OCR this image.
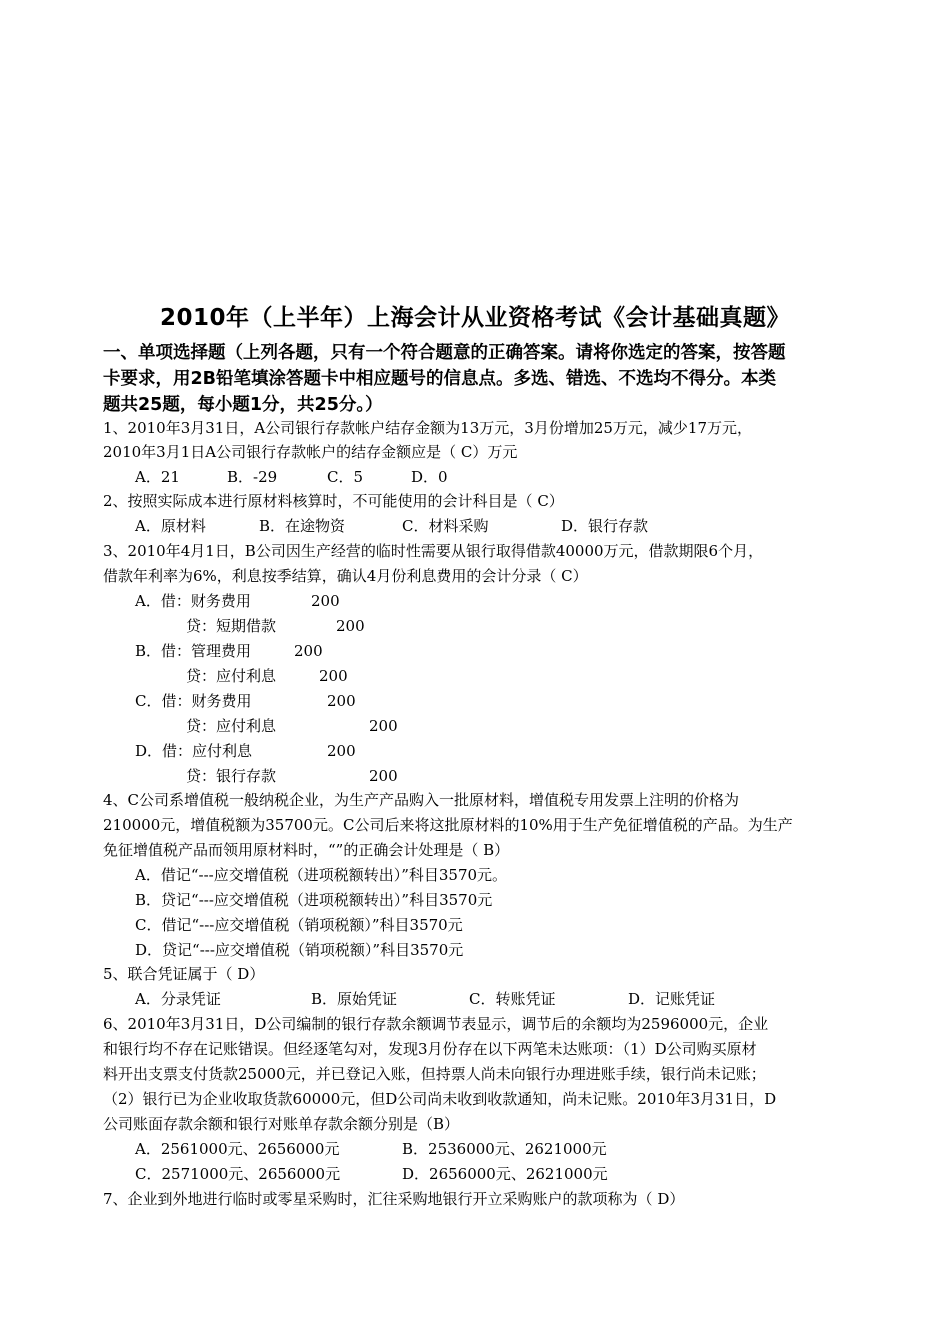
2010年（上半年）上海会计从业资格考试《会计基础真题》
一、单项选择题（上列各题，只有一个符合题意的正确答案。请将你选定的答案，按答题
卡要求，用2B铅笔填涂答题卡中相应题号的信息点。多选、错选、不选均不得分。本类
题共25题，每小题1分，共25分。）
1、2010年3月31日，A公司银行存款帐户结存金额为13万元，3月份增加25万元，减少17万元，
2010年3月1日A公司银行存款帐户的结存金额应是（ C）万元
A．21	B．-29	C．5	D．0
2、按照实际成本进行原材料核算时，不可能使用的会计科目是（ C）
A．原材料	B．在途物资	C．材料采购	D．银行存款
3、2010年4月1日，B公司因生产经营的临时性需要从银行取得借款40000万元，借款期限6个月，
借款年利率为6%，利息按季结算，确认4月份利息费用的会计分录（ C）
A．借：财务费用	200
贷：短期借款	200
B．借：管理费用	200
贷：应付利息	200
C．借：财务费用	200
贷：应付利息	200
D．借：应付利息	200
贷：银行存款	200
4、C公司系增值税一般纳税企业，为生产产品购入一批原材料，增值税专用发票上注明的价格为
210000元，增值税额为35700元。C公司后来将这批原材料的10%用于生产免征增值税的产品。为生产
免征增值税产品而领用原材料时，“”的正确会计处理是（ B）
A．借记“---应交增值税（进项税额转出）”科目3570元。
B．贷记“---应交增值税（进项税额转出）”科目3570元
C．借记“---应交增值税（销项税额）”科目3570元
D．贷记“---应交增值税（销项税额）”科目3570元
5、联合凭证属于（ D）
A．分录凭证	B．原始凭证	C．转账凭证	D．记账凭证
6、2010年3月31日，D公司编制的银行存款余额调节表显示，调节后的余额均为2596000元，企业
和银行均不存在记账错误。但经逐笔勾对，发现3月份存在以下两笔未达账项：（1）D公司购买原材
料开出支票支付货款25000元，并已登记入账，但持票人尚未向银行办理进账手续，银行尚未记账；
（2）银行已为企业收取货款60000元，但D公司尚未收到收款通知，尚未记账。2010年3月31日，D
公司账面存款余额和银行对账单存款余额分别是（B）
A．2561000元、2656000元	B．2536000元、2621000元
C．2571000元、2656000元	D．2656000元、2621000元
7、企业到外地进行临时或零星采购时，汇往采购地银行开立采购账户的款项称为（ D）
